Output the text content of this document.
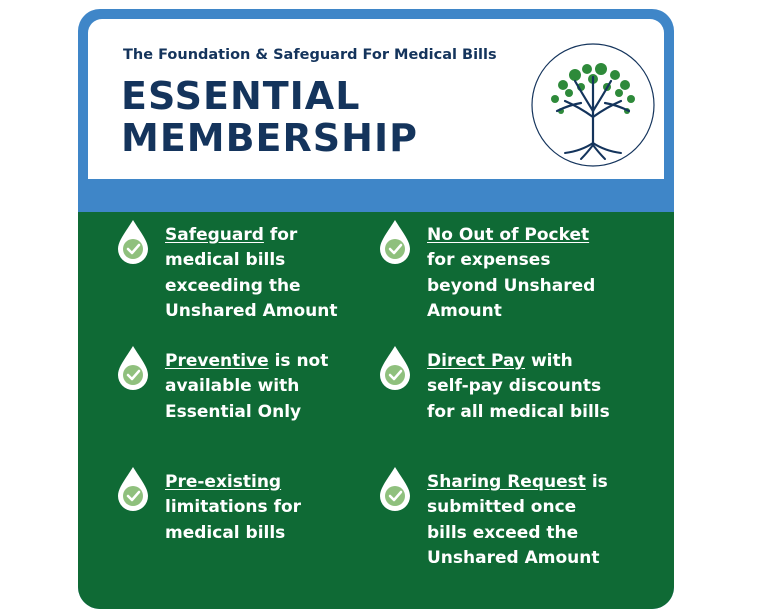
The Foundation & Safeguard For Medical Bills
ESSENTIAL
MEMBERSHIP
Safeguard for
medical bills
exceeding the
Unshared Amount
No Out of Pocket
for expenses
beyond Unshared
Amount
Preventive is not
available with
Essential Only
Direct Pay with
self-pay discounts
for all medical bills
Pre-existing
limitations for
medical bills
Sharing Request is
submitted once
bills exceed the
Unshared Amount
